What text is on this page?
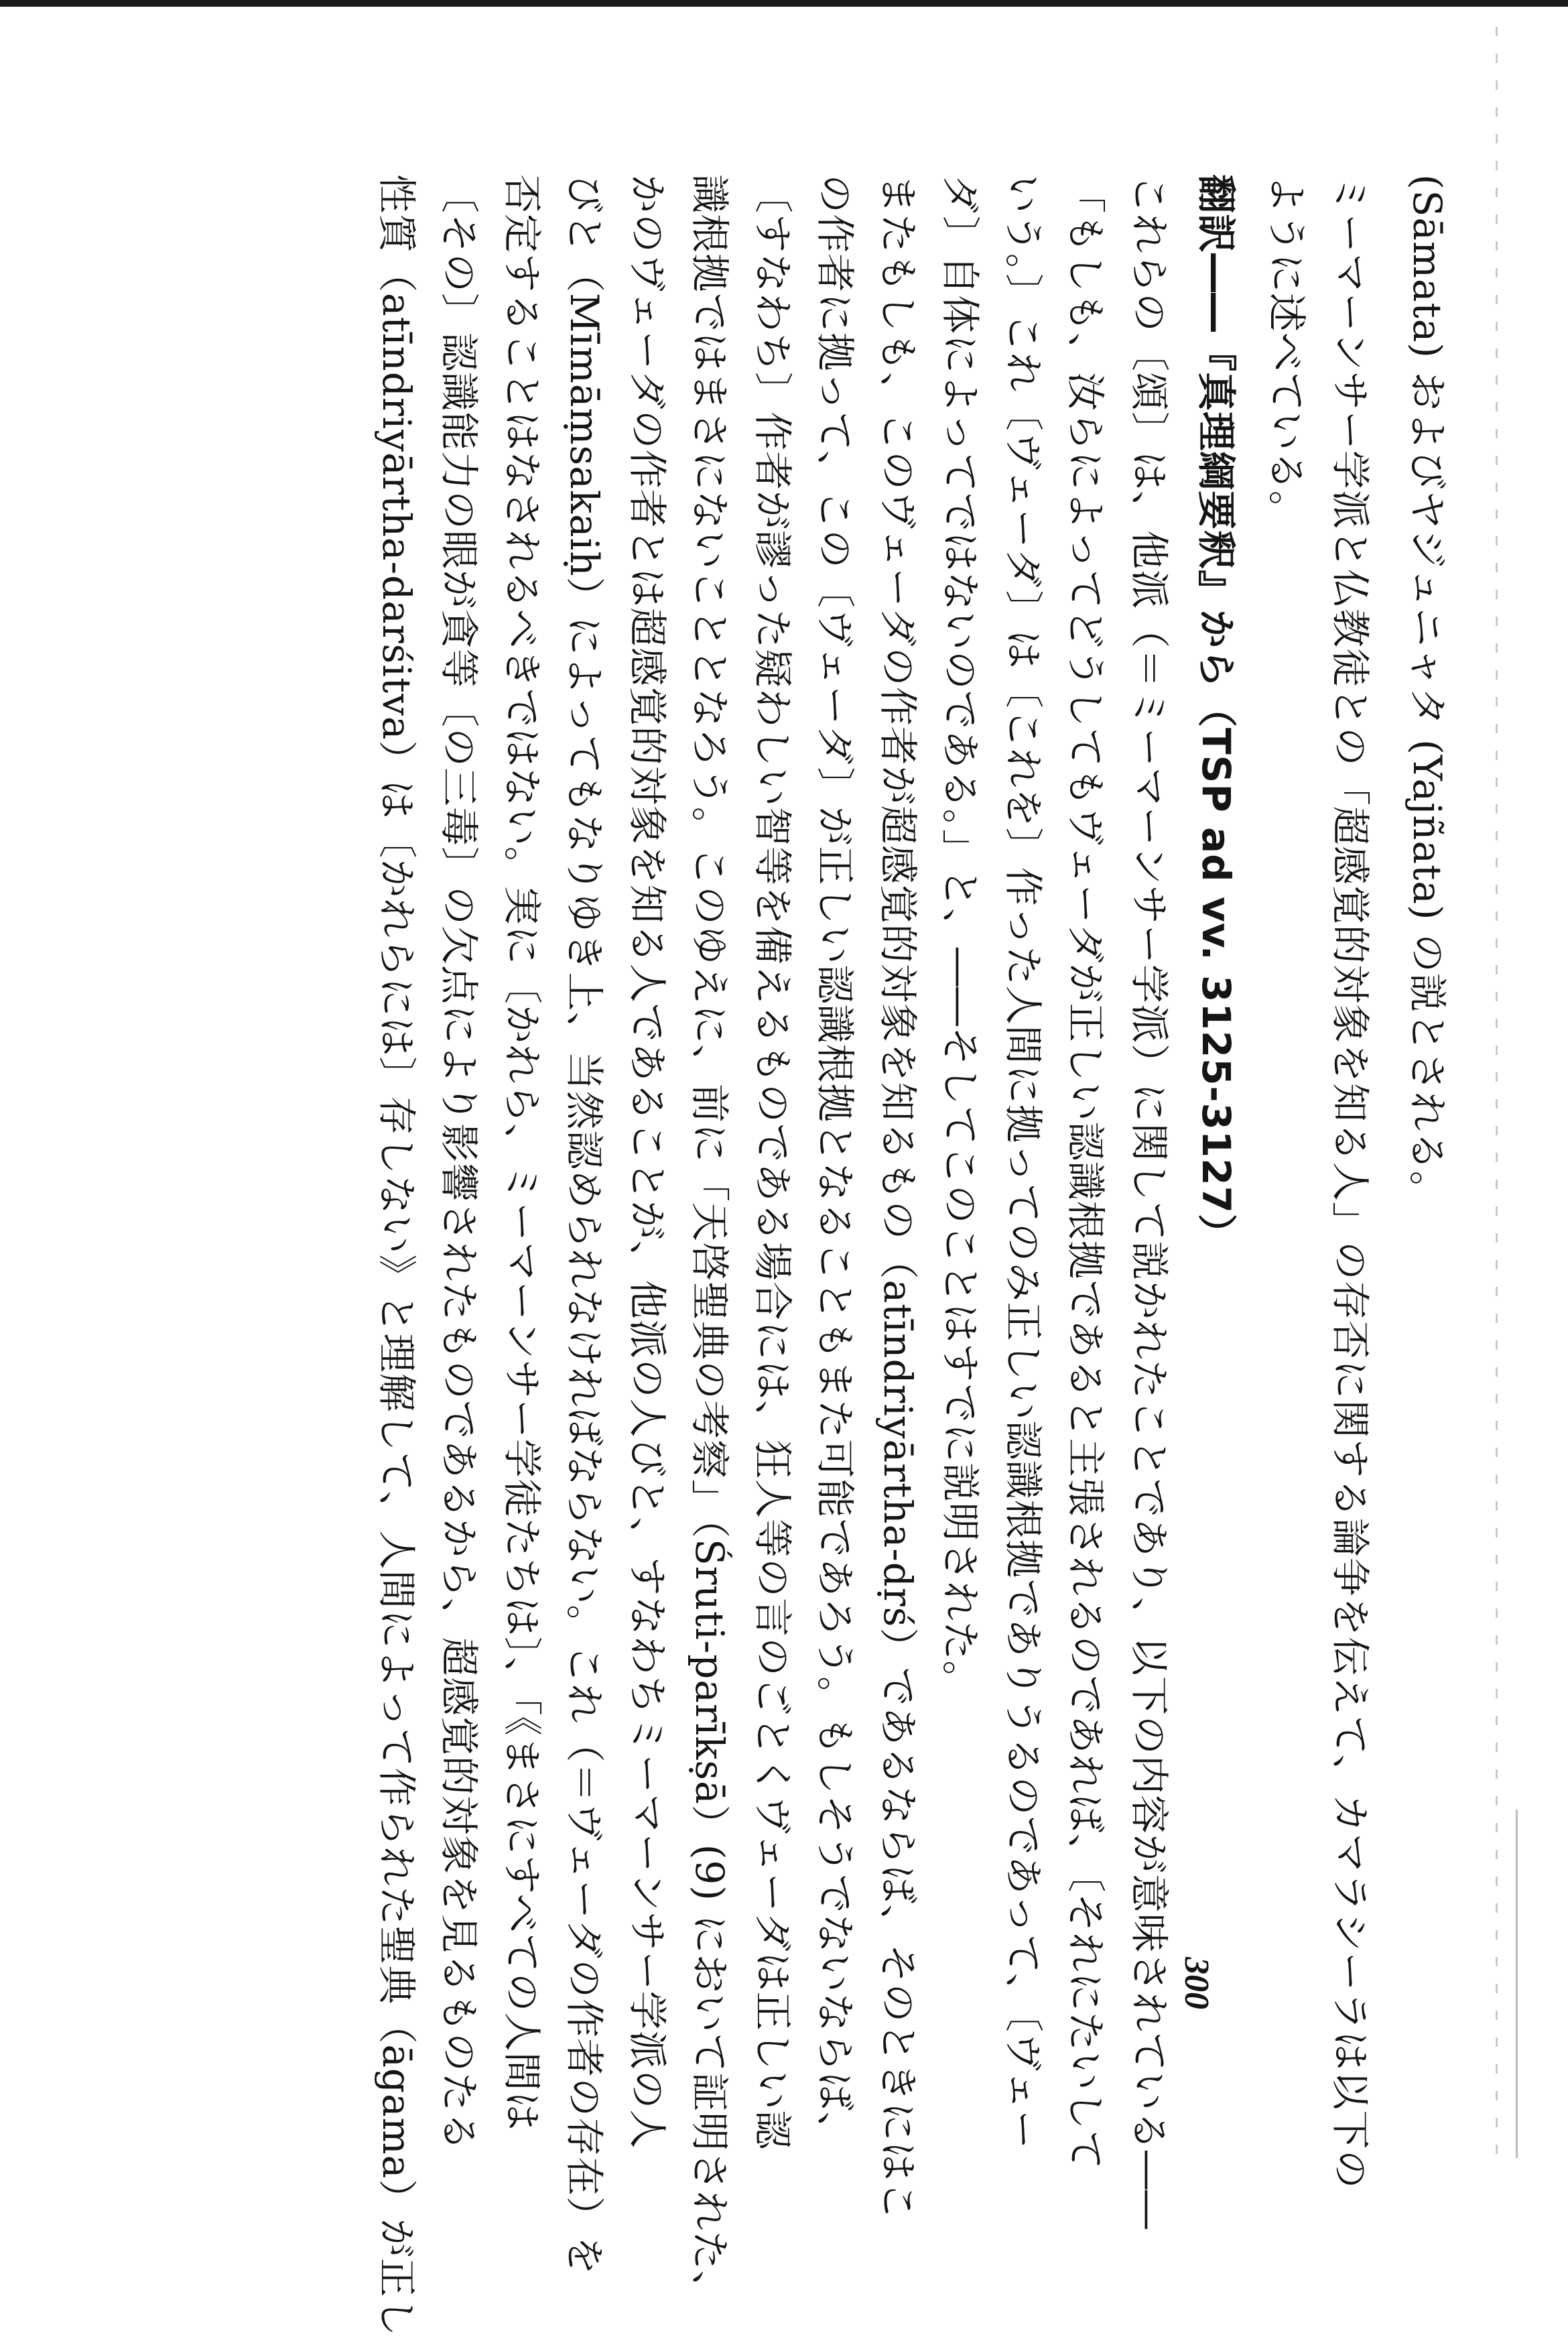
(Sāmata) およびヤジュニャタ (Yajñata) の説とされる。
ミーマーンサー学派と仏教徒との「超感覚的対象を知る人」の存否に関する論争を伝えて、カマラシーラは以下の
ように述べている。
翻訳――『真理綱要釈』から（TSP ad vv. 3125-3127）
これらの〔頌〕は、他派（＝ミーマーンサー学派）に関して説かれたことであり、以下の内容が意味されている――
「もしも、汝らによってどうしてもヴェーダが正しい認識根拠であると主張されるのであれば、〔それにたいして
いう。〕これ〔ヴェーダ〕は〔これを〕作った人間に拠ってのみ正しい認識根拠でありうるのであって、〔ヴェー
ダ〕自体によってではないのである。」と、――そしてこのことはすでに説明された。
またもしも、このヴェーダの作者が超感覚的対象を知るもの（atīndriyārtha-dṛś）であるならば、そのときにはこ
の作者に拠って、この〔ヴェーダ〕が正しい認識根拠となることもまた可能であろう。もしそうでないならば、
〔すなわち〕作者が謬った疑わしい智等を備えるものである場合には、狂人等の言のごとくヴェーダは正しい認
識根拠ではまさにないこととなろう。このゆえに、前に「天啓聖典の考察」（Śruti-parīkṣā）(9) において証明された、
かのヴェーダの作者とは超感覚的対象を知る人であることが、他派の人びと、すなわちミーマーンサー学派の人
びと（Mīmāṃsakaiḥ）によってもなりゆき上、当然認められなければならない。これ（＝ヴェーダの作者の存在）を
否定することはなされるべきではない。実に〔かれら、ミーマーンサー学徒たちは〕、「《まさにすべての人間は
〔その〕認識能力の眼が貪等〔の三毒〕の欠点により影響されたものであるから、超感覚的対象を見るものたる
性質（atīndriyārtha-darśitva）は〔かれらには〕存しない》と理解して、人間によって作られた聖典（āgama）が正し	300
